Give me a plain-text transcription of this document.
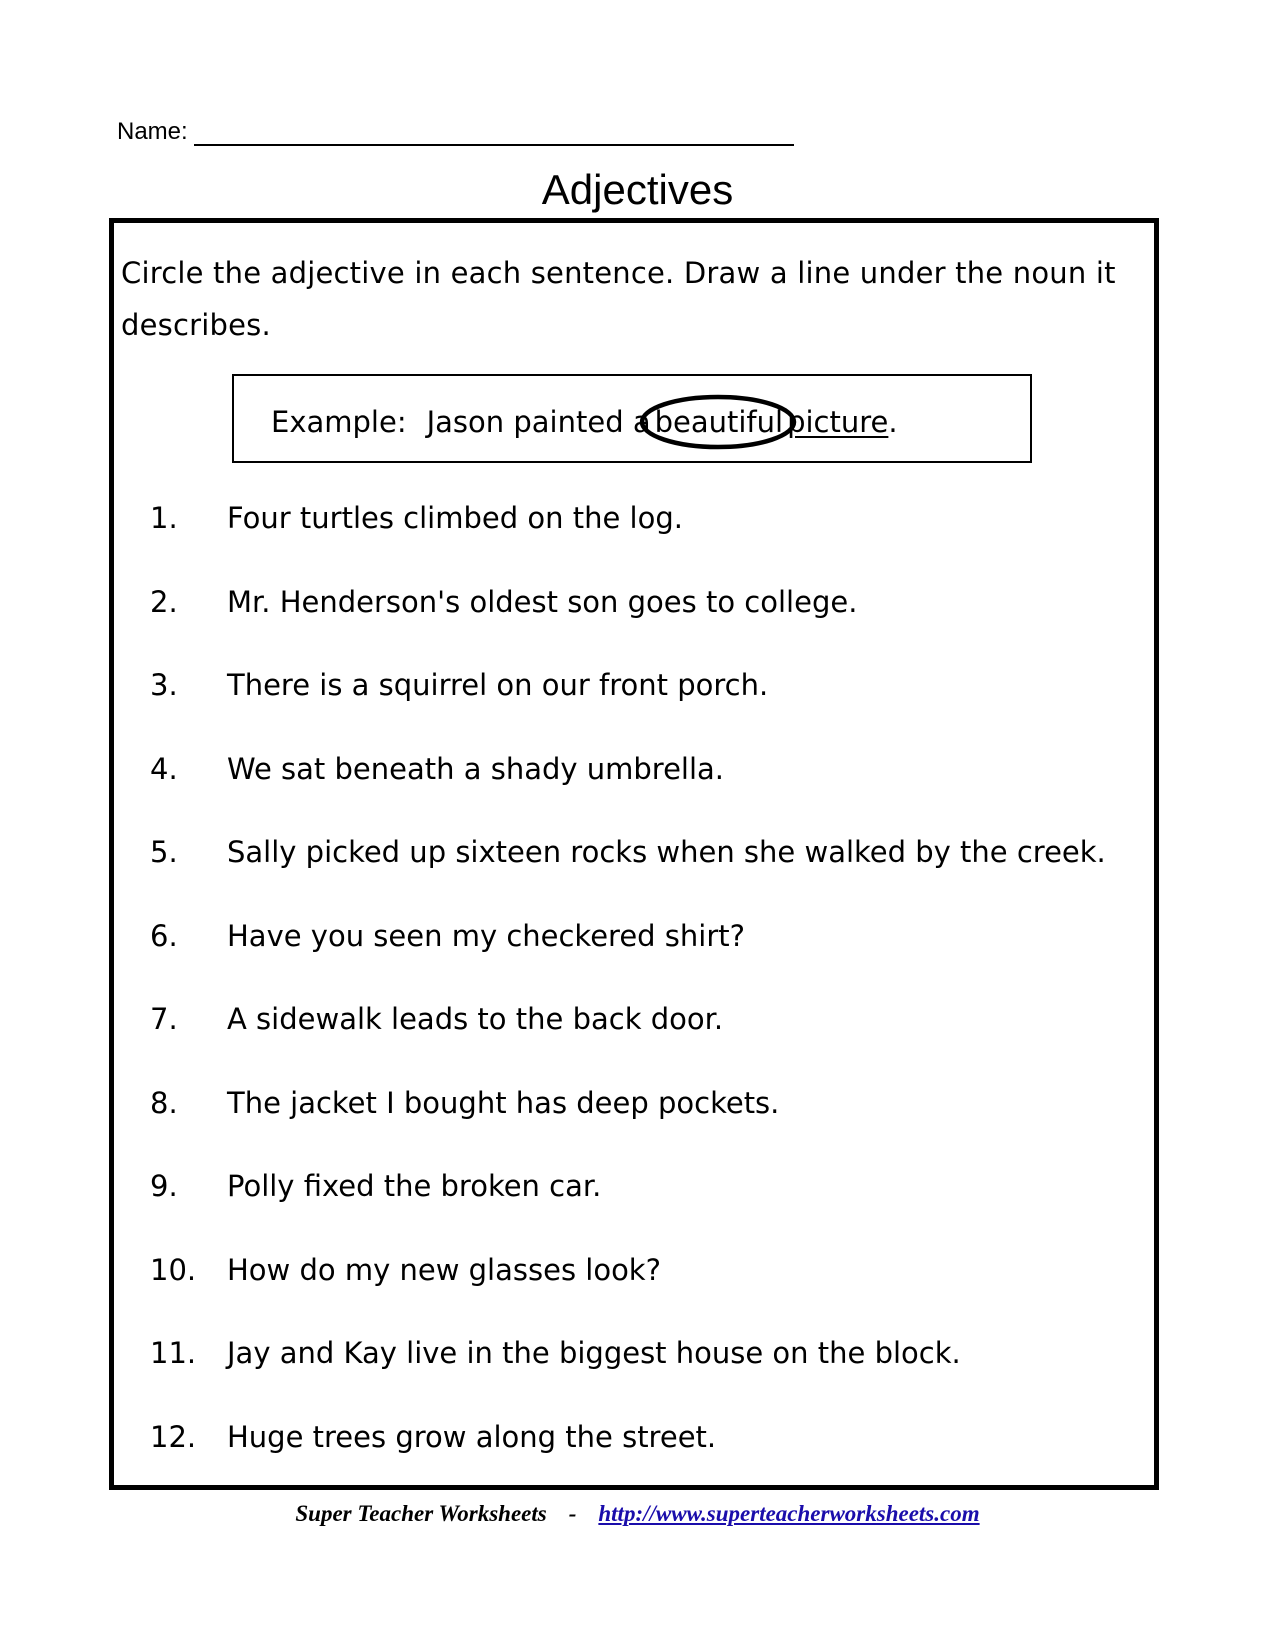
Name:
Adjectives
Circle the adjective in each sentence. Draw a line under the noun it describes.
Example: Jason painted a beautiful picture.
1. Four turtles climbed on the log.
2. Mr. Henderson's oldest son goes to college.
3. There is a squirrel on our front porch.
4. We sat beneath a shady umbrella.
5. Sally picked up sixteen rocks when she walked by the creek.
6. Have you seen my checkered shirt?
7. A sidewalk leads to the back door.
8. The jacket I bought has deep pockets.
9. Polly fixed the broken car.
10. How do my new glasses look?
11. Jay and Kay live in the biggest house on the block.
12. Huge trees grow along the street.
Super Teacher Worksheets - http://www.superteacherworksheets.com
